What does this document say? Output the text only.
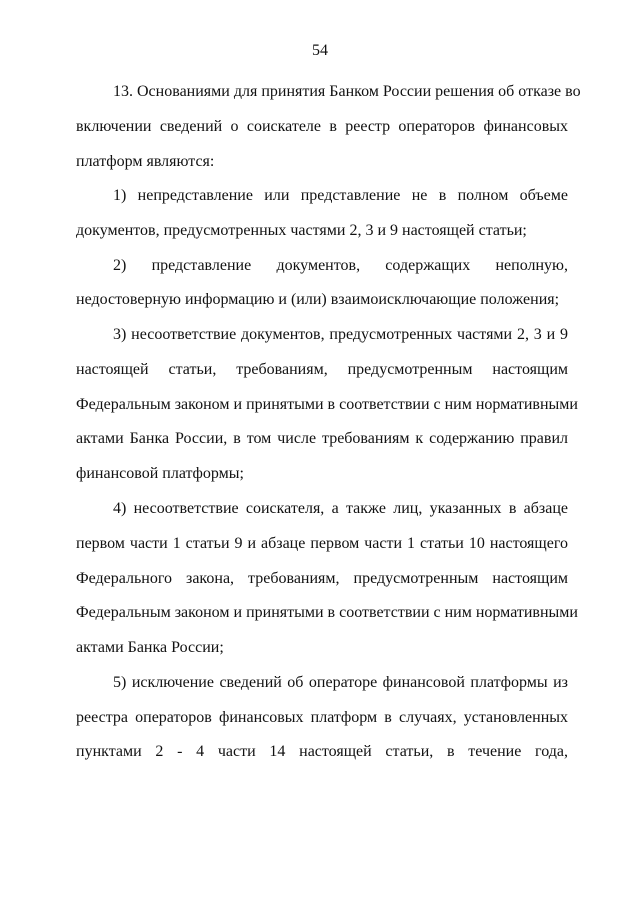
54
13. Основаниями для принятия Банком России решения об отказе во
включении сведений о соискателе в реестр операторов финансовых
платформ являются:
1) непредставление или представление не в полном объеме
документов, предусмотренных частями 2, 3 и 9 настоящей статьи;
2) представление документов, содержащих неполную,
недостоверную информацию и (или) взаимоисключающие положения;
3) несоответствие документов, предусмотренных частями 2, 3 и 9
настоящей статьи, требованиям, предусмотренным настоящим
Федеральным законом и принятыми в соответствии с ним нормативными
актами Банка России, в том числе требованиям к содержанию правил
финансовой платформы;
4) несоответствие соискателя, а также лиц, указанных в абзаце
первом части 1 статьи 9 и абзаце первом части 1 статьи 10 настоящего
Федерального закона, требованиям, предусмотренным настоящим
Федеральным законом и принятыми в соответствии с ним нормативными
актами Банка России;
5) исключение сведений об операторе финансовой платформы из
реестра операторов финансовых платформ в случаях, установленных
пунктами 2 - 4 части 14 настоящей статьи, в течение года,
